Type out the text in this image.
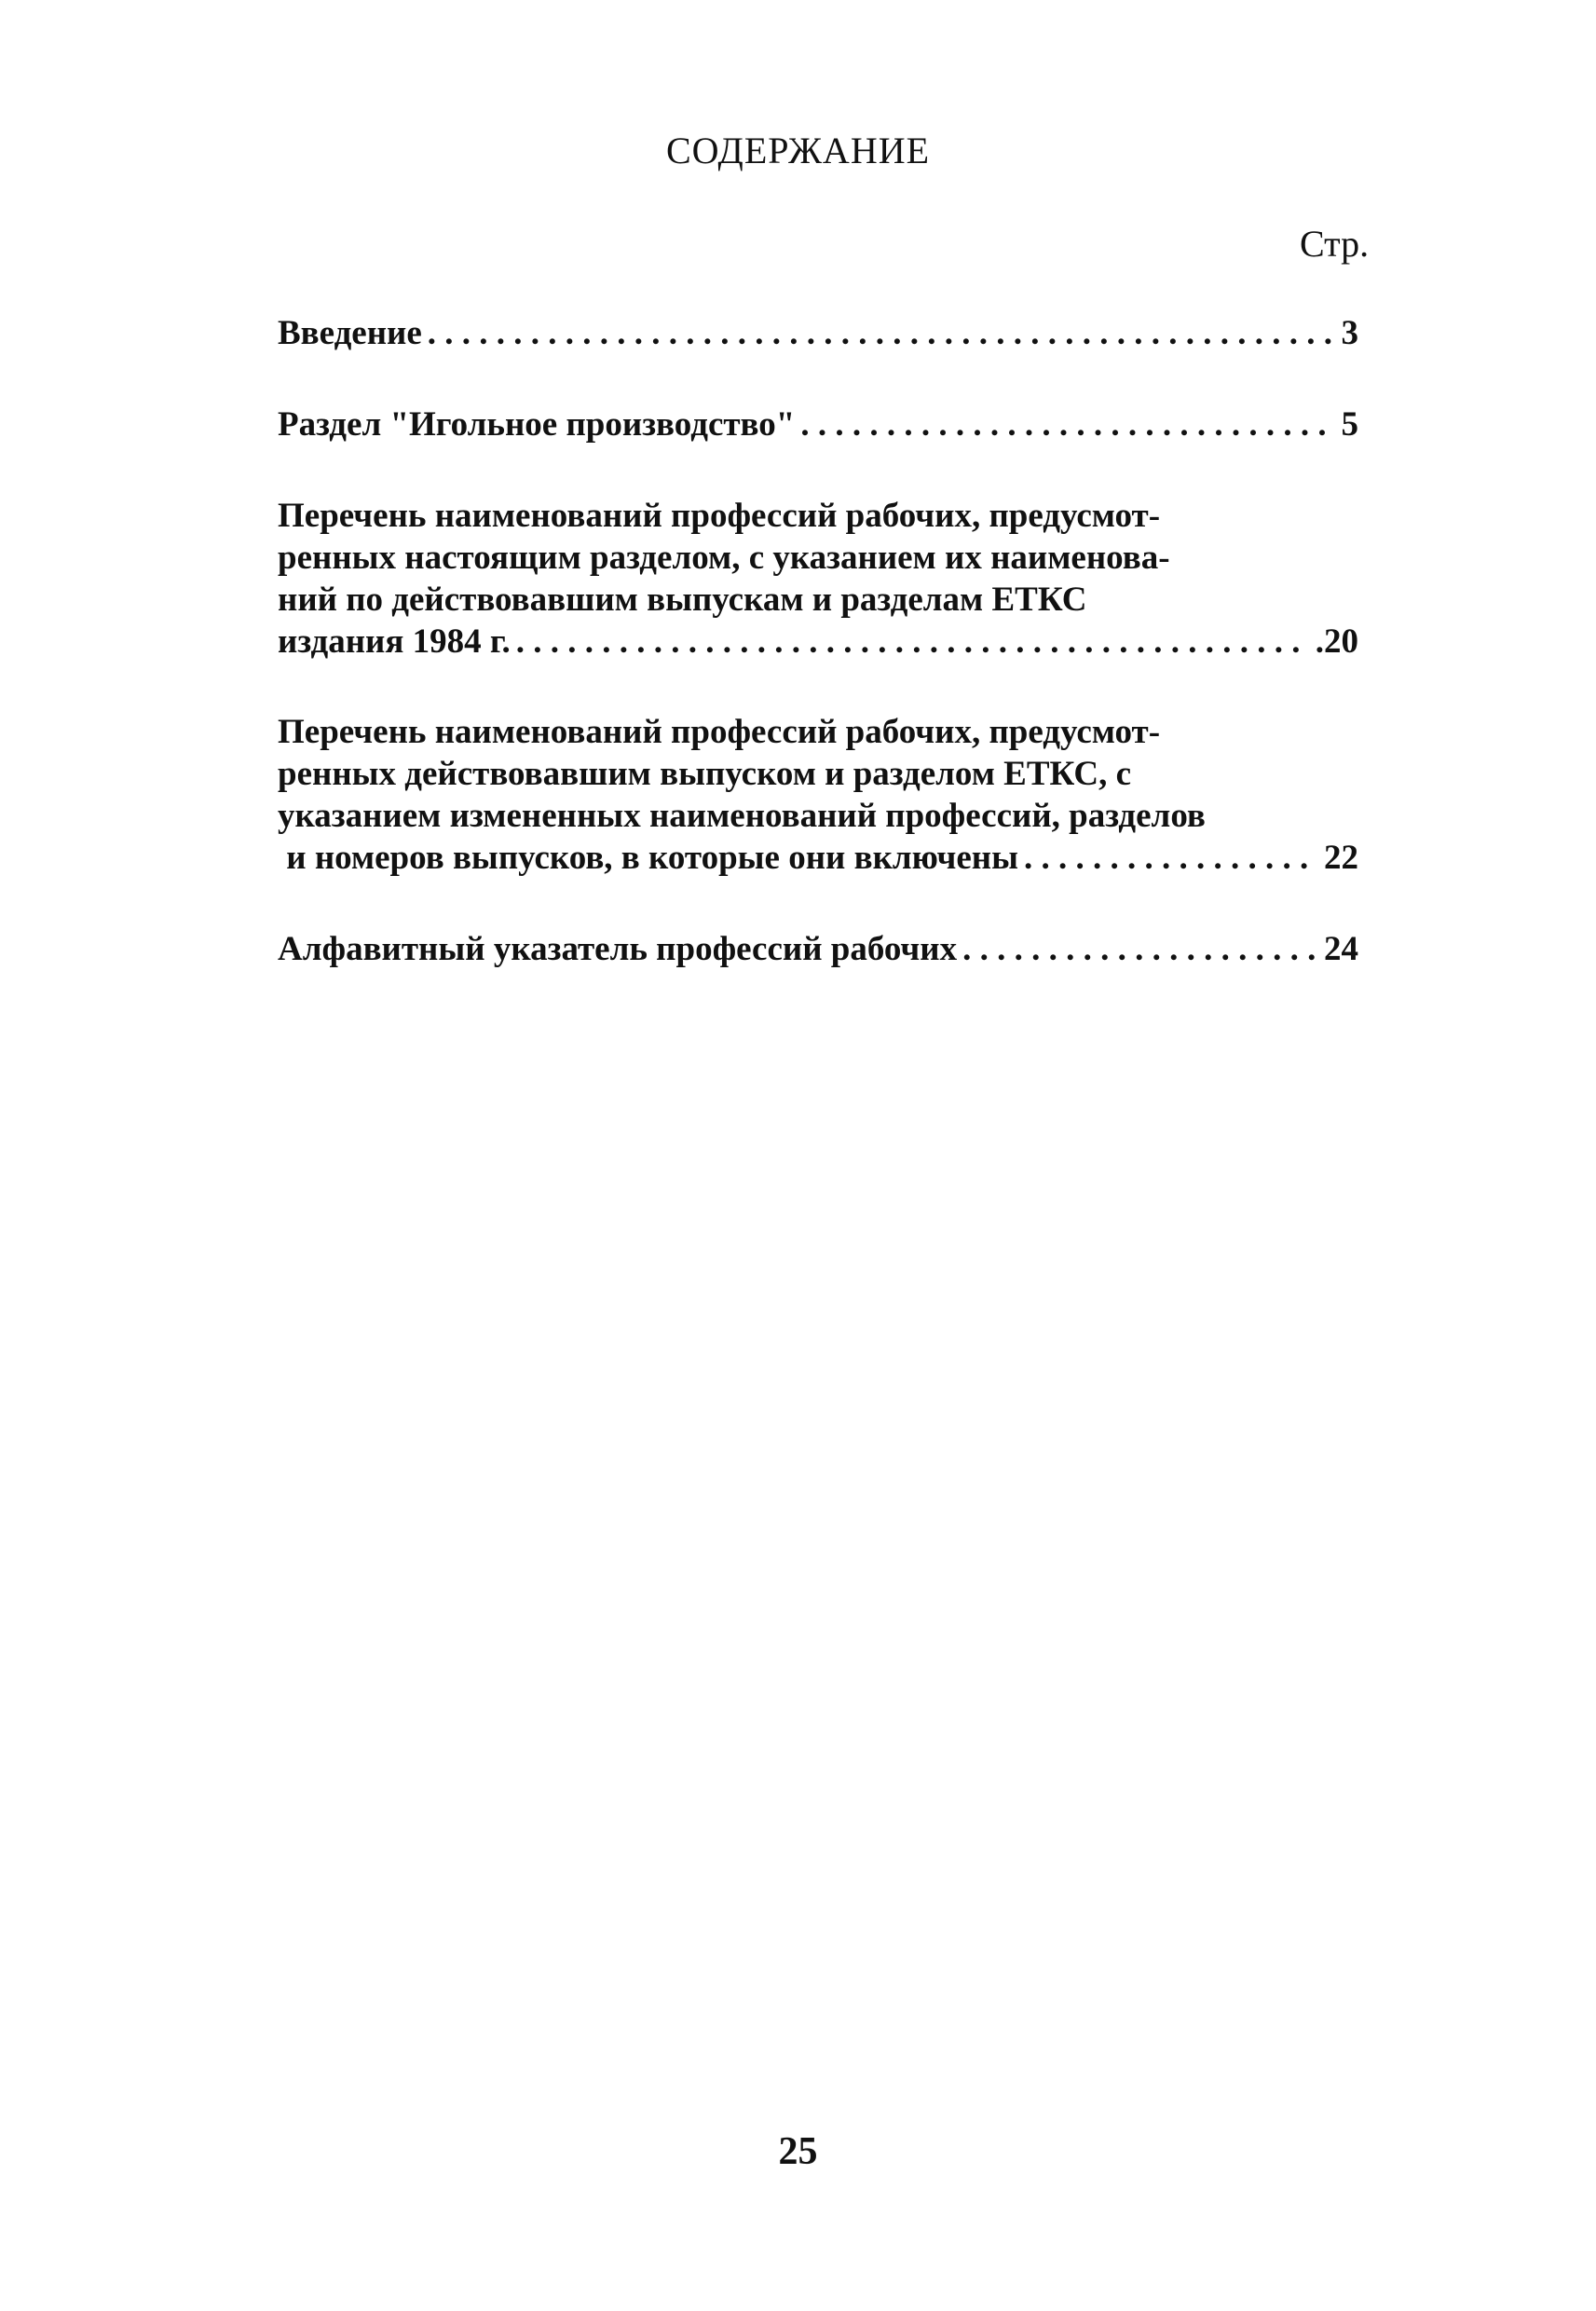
СОДЕРЖАНИЕ
Стр.
Введение . . .	3
Раздел "Игольное производство" . . .	5
Перечень наименований профессий рабочих, предусмот-
ренных настоящим разделом, с указанием их наименова-
ний по действовавшим выпускам и разделам ЕТКС
издания 1984 г. . . .	.20
Перечень наименований профессий рабочих, предусмот-
ренных действовавшим выпуском и разделом ЕТКС, с
указанием измененных наименований профессий, разделов
и номеров выпусков, в которые они включены . . .	22
Алфавитный указатель профессий рабочих . . .	24
25
